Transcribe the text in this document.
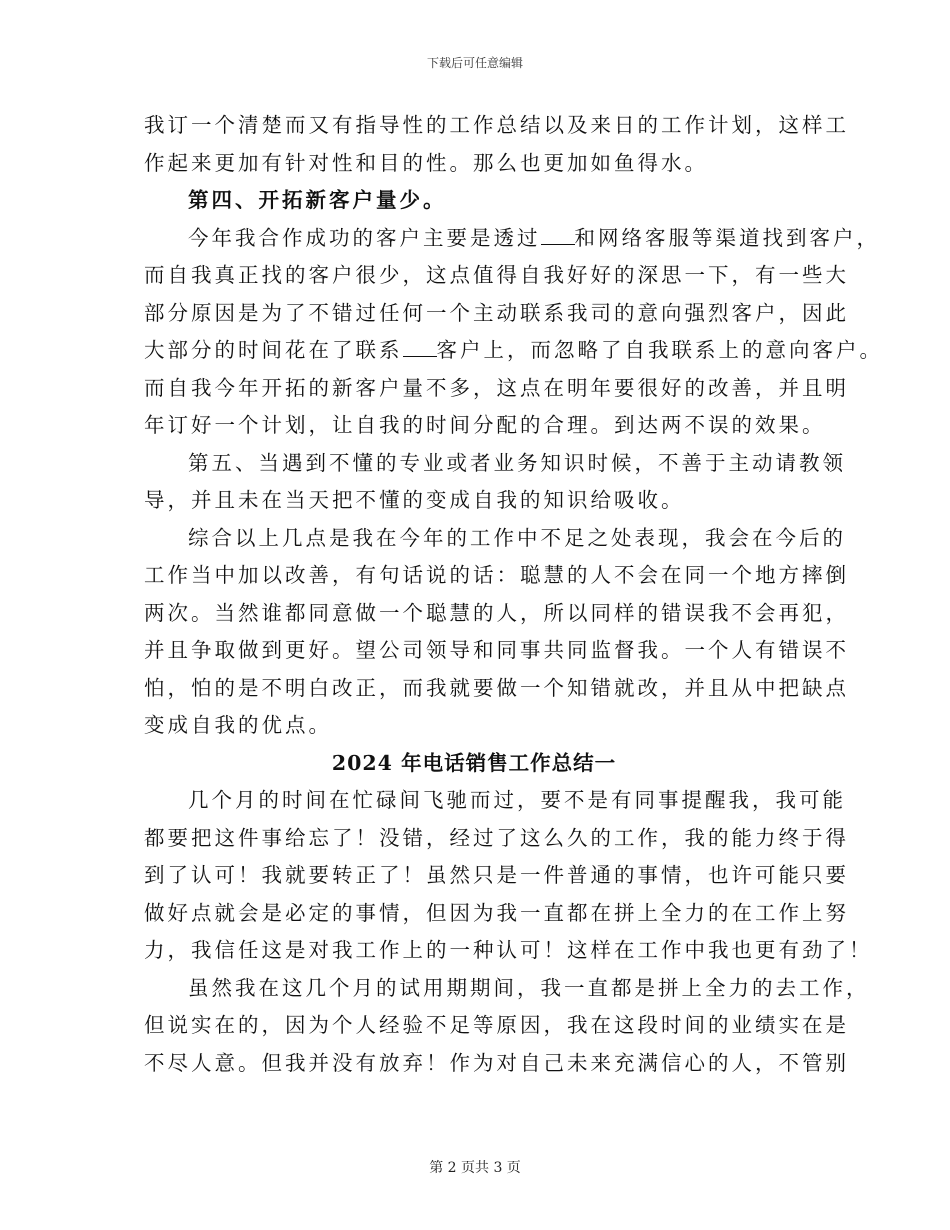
下载后可任意编辑
我订一个清楚而又有指导性的工作总结以及来日的工作计划，这样工
作起来更加有针对性和目的性。那么也更加如鱼得水。
第四、开拓新客户量少。
今年我合作成功的客户主要是透过 和网络客服等渠道找到客户，
而自我真正找的客户很少，这点值得自我好好的深思一下，有一些大
部分原因是为了不错过任何一个主动联系我司的意向强烈客户，因此
大部分的时间花在了联系 客户上，而忽略了自我联系上的意向客户。
而自我今年开拓的新客户量不多，这点在明年要很好的改善，并且明
年订好一个计划，让自我的时间分配的合理。到达两不误的效果。
第五、当遇到不懂的专业或者业务知识时候，不善于主动请教领
导，并且未在当天把不懂的变成自我的知识给吸收。
综合以上几点是我在今年的工作中不足之处表现，我会在今后的
工作当中加以改善，有句话说的话：聪慧的人不会在同一个地方摔倒
两次。当然谁都同意做一个聪慧的人，所以同样的错误我不会再犯，
并且争取做到更好。望公司领导和同事共同监督我。一个人有错误不
怕，怕的是不明白改正，而我就要做一个知错就改，并且从中把缺点
变成自我的优点。
2024 年电话销售工作总结一
几个月的时间在忙碌间飞驰而过，要不是有同事提醒我，我可能
都要把这件事给忘了！没错，经过了这么久的工作，我的能力终于得
到了认可！我就要转正了！虽然只是一件普通的事情，也许可能只要
做好点就会是必定的事情，但因为我一直都在拼上全力的在工作上努
力，我信任这是对我工作上的一种认可！这样在工作中我也更有劲了！
虽然我在这几个月的试用期期间，我一直都是拼上全力的去工作，
但说实在的，因为个人经验不足等原因，我在这段时间的业绩实在是
不尽人意。但我并没有放弃！作为对自己未来充满信心的人，不管别
第 2 页共 3 页
